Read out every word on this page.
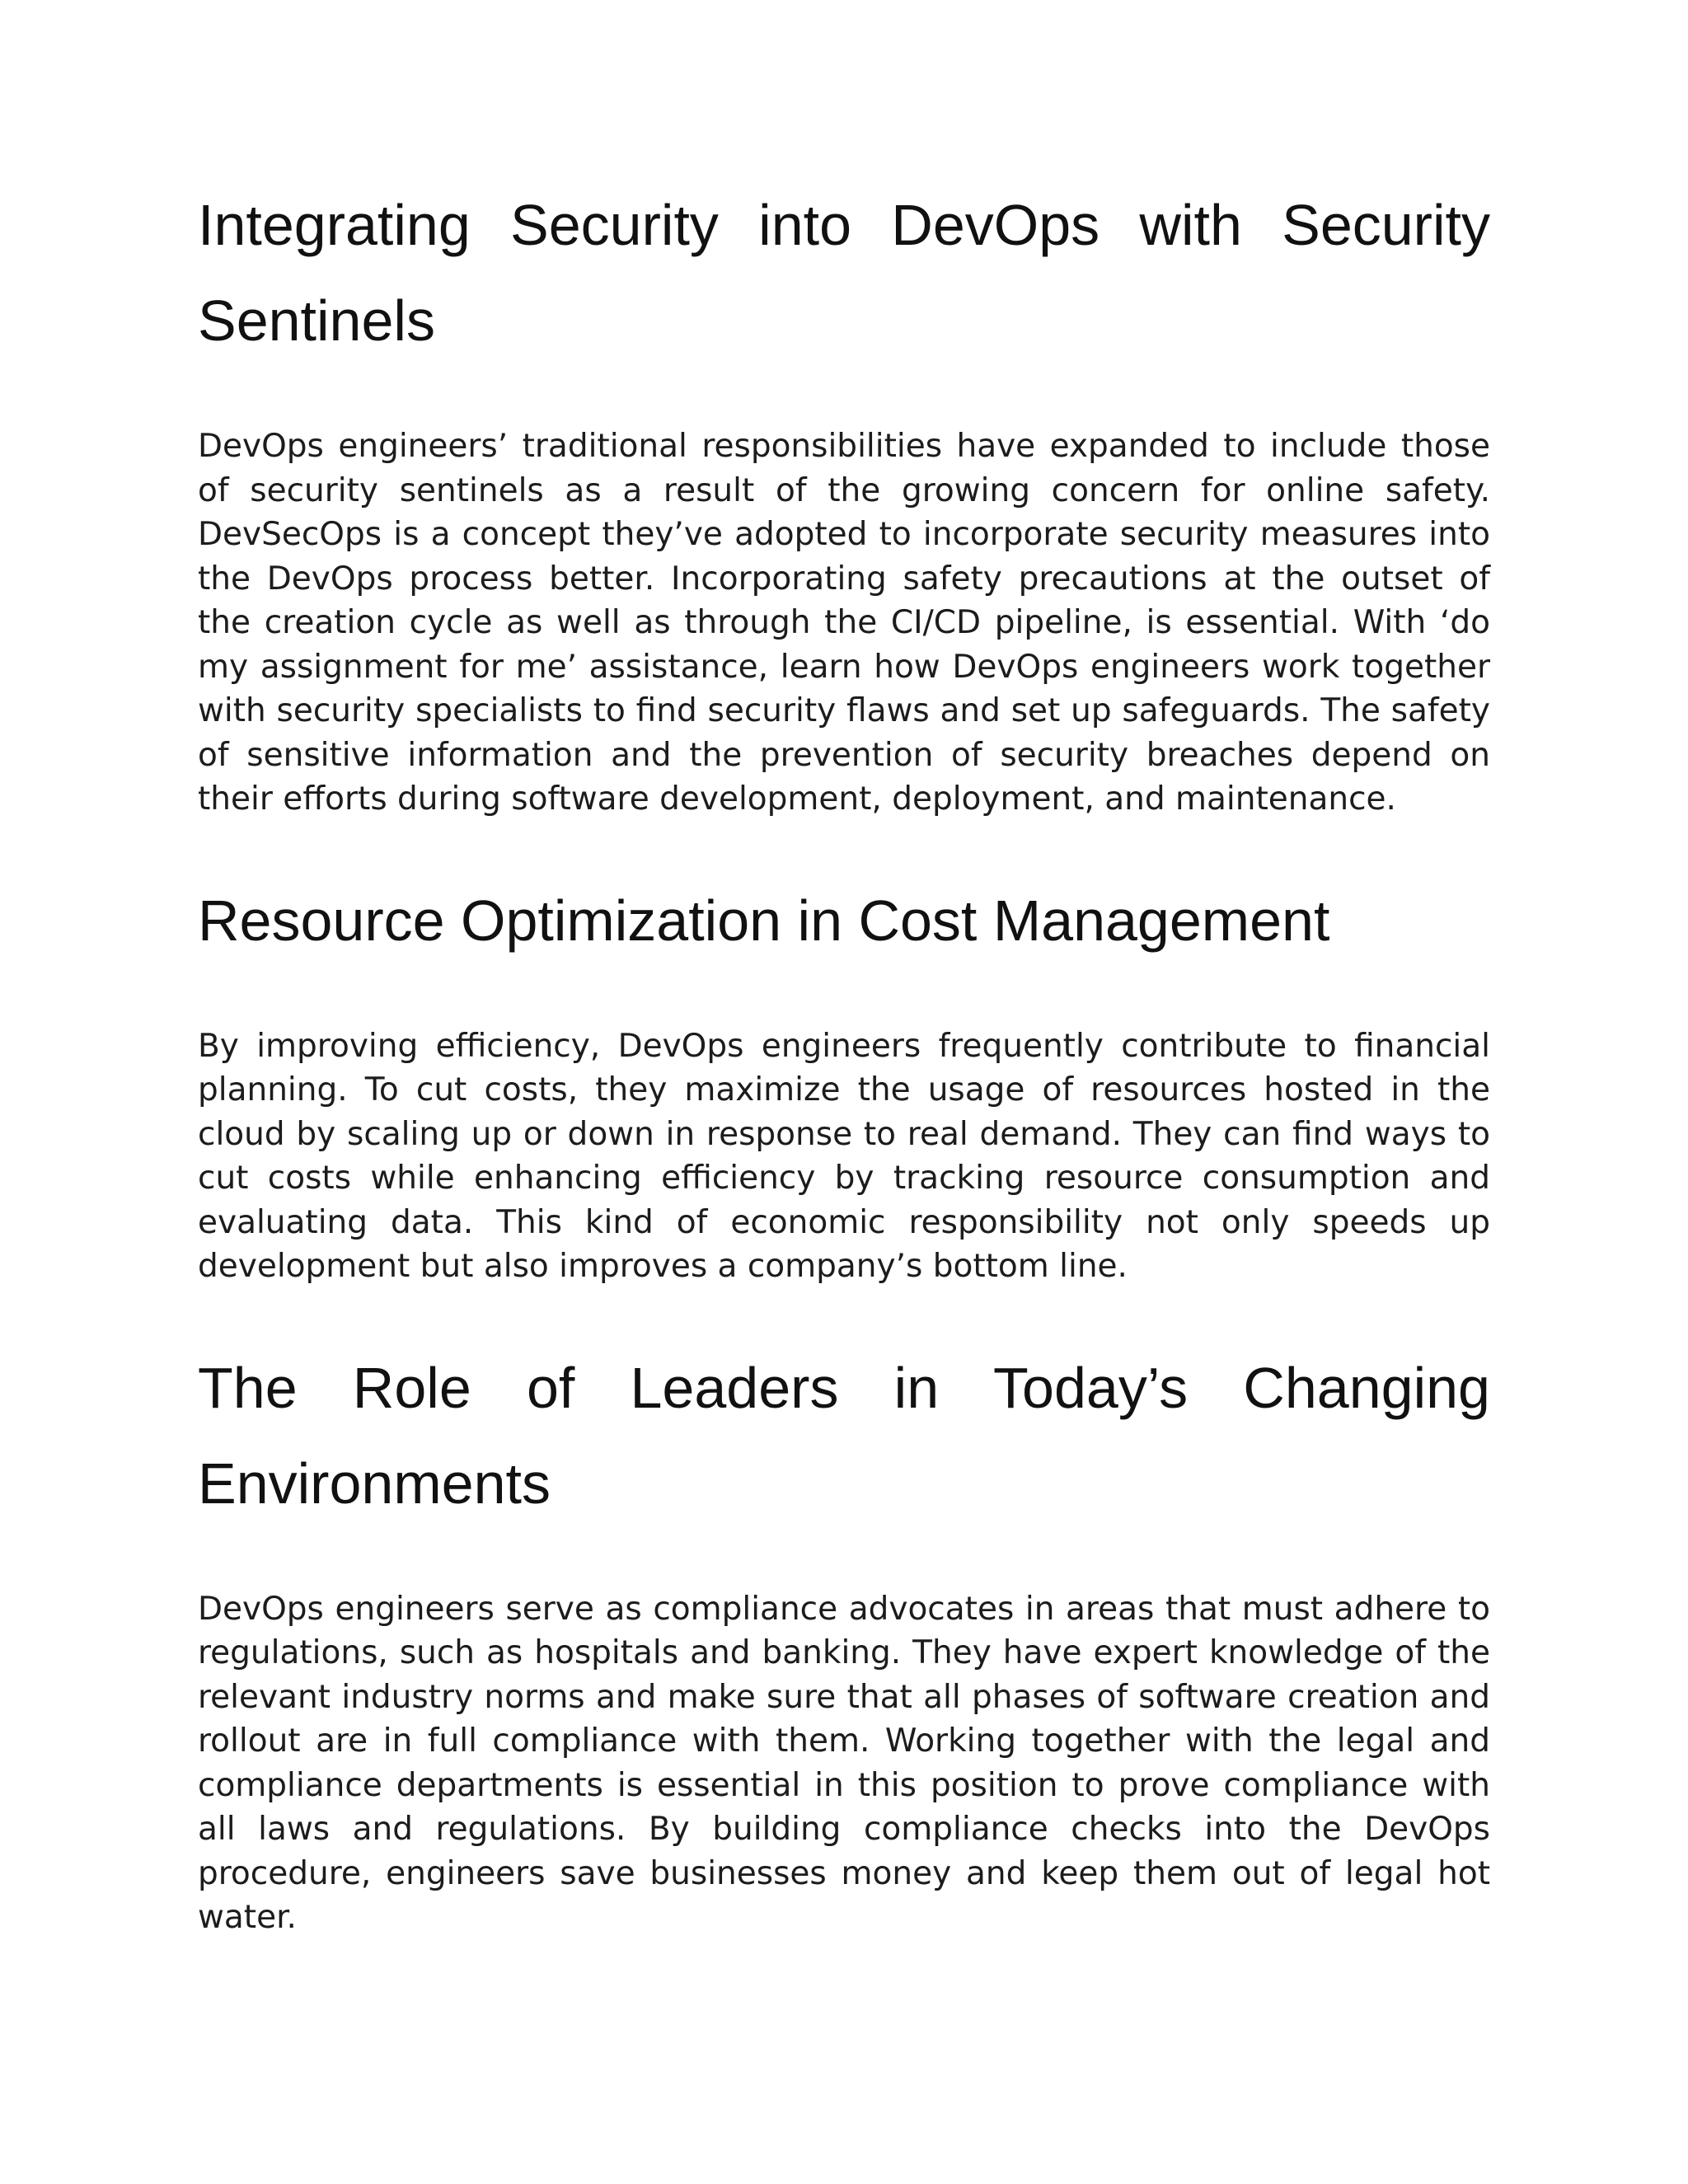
Integrating Security into DevOps with Security Sentinels

DevOps engineers’ traditional responsibilities have expanded to include those of security sentinels as a result of the growing concern for online safety. DevSecOps is a concept they’ve adopted to incorporate security measures into the DevOps process better. Incorporating safety precautions at the outset of the creation cycle as well as through the CI/CD pipeline, is essential. With ‘do my assignment for me’ assistance, learn how DevOps engineers work together with security specialists to find security flaws and set up safeguards. The safety of sensitive information and the prevention of security breaches depend on their efforts during software development, deployment, and maintenance.

Resource Optimization in Cost Management

By improving efficiency, DevOps engineers frequently contribute to financial planning. To cut costs, they maximize the usage of resources hosted in the cloud by scaling up or down in response to real demand. They can find ways to cut costs while enhancing efficiency by tracking resource consumption and evaluating data. This kind of economic responsibility not only speeds up development but also improves a company’s bottom line.

The Role of Leaders in Today’s Changing Environments

DevOps engineers serve as compliance advocates in areas that must adhere to regulations, such as hospitals and banking. They have expert knowledge of the relevant industry norms and make sure that all phases of software creation and rollout are in full compliance with them. Working together with the legal and compliance departments is essential in this position to prove compliance with all laws and regulations. By building compliance checks into the DevOps procedure, engineers save businesses money and keep them out of legal hot water.
